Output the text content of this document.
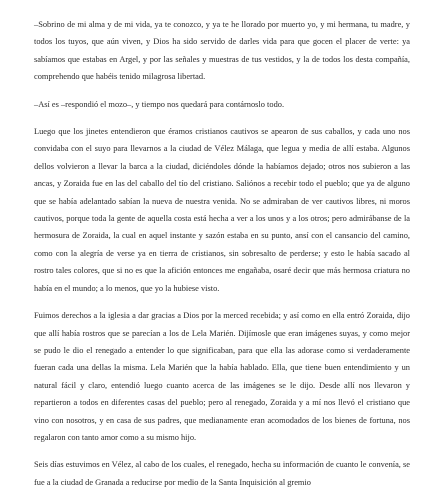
–Sobrino de mi alma y de mi vida, ya te conozco, y ya te he llorado por muerto yo, y mi hermana, tu madre, y todos los tuyos, que aún viven, y Dios ha sido servido de darles vida para que gocen el placer de verte: ya sabíamos que estabas en Argel, y por las señales y muestras de tus vestidos, y la de todos los desta compañía, comprehendo que habéis tenido milagrosa libertad.

–Así es –respondió el mozo–, y tiempo nos quedará para contárnoslo todo.

Luego que los jinetes entendieron que éramos cristianos cautivos se apearon de sus caballos, y cada uno nos convidaba con el suyo para llevarnos a la ciudad de Vélez Málaga, que legua y media de allí estaba. Algunos dellos volvieron a llevar la barca a la ciudad, diciéndoles dónde la habíamos dejado; otros nos subieron a las ancas, y Zoraida fue en las del caballo del tío del cristiano. Saliónos a recebir todo el pueblo; que ya de alguno que se había adelantado sabían la nueva de nuestra venida. No se admiraban de ver cautivos libres, ni moros cautivos, porque toda la gente de aquella costa está hecha a ver a los unos y a los otros; pero admirábanse de la hermosura de Zoraida, la cual en aquel instante y sazón estaba en su punto, ansí con el cansancio del camino, como con la alegría de verse ya en tierra de cristianos, sin sobresalto de perderse; y esto le había sacado al rostro tales colores, que si no es que la afición entonces me engañaba, osaré decir que más hermosa criatura no había en el mundo; a lo menos, que yo la hubiese visto.

Fuimos derechos a la iglesia a dar gracias a Dios por la merced recebida; y así como en ella entró Zoraida, dijo que allí había rostros que se parecían a los de Lela Marién. Dijímosle que eran imágenes suyas, y como mejor se pudo le dio el renegado a entender lo que significaban, para que ella las adorase como si verdaderamente fueran cada una dellas la misma. Lela Marién que la había hablado. Ella, que tiene buen entendimiento y un natural fácil y claro, entendió luego cuanto acerca de las imágenes se le dijo. Desde allí nos llevaron y repartieron a todos en diferentes casas del pueblo; pero al renegado, Zoraida y a mí nos llevó el cristiano que vino con nosotros, y en casa de sus padres, que medianamente eran acomodados de los bienes de fortuna, nos regalaron con tanto amor como a su mismo hijo.

Seis días estuvimos en Vélez, al cabo de los cuales, el renegado, hecha su información de cuanto le convenía, se fue a la ciudad de Granada a reducirse por medio de la Santa Inquisición al gremio
